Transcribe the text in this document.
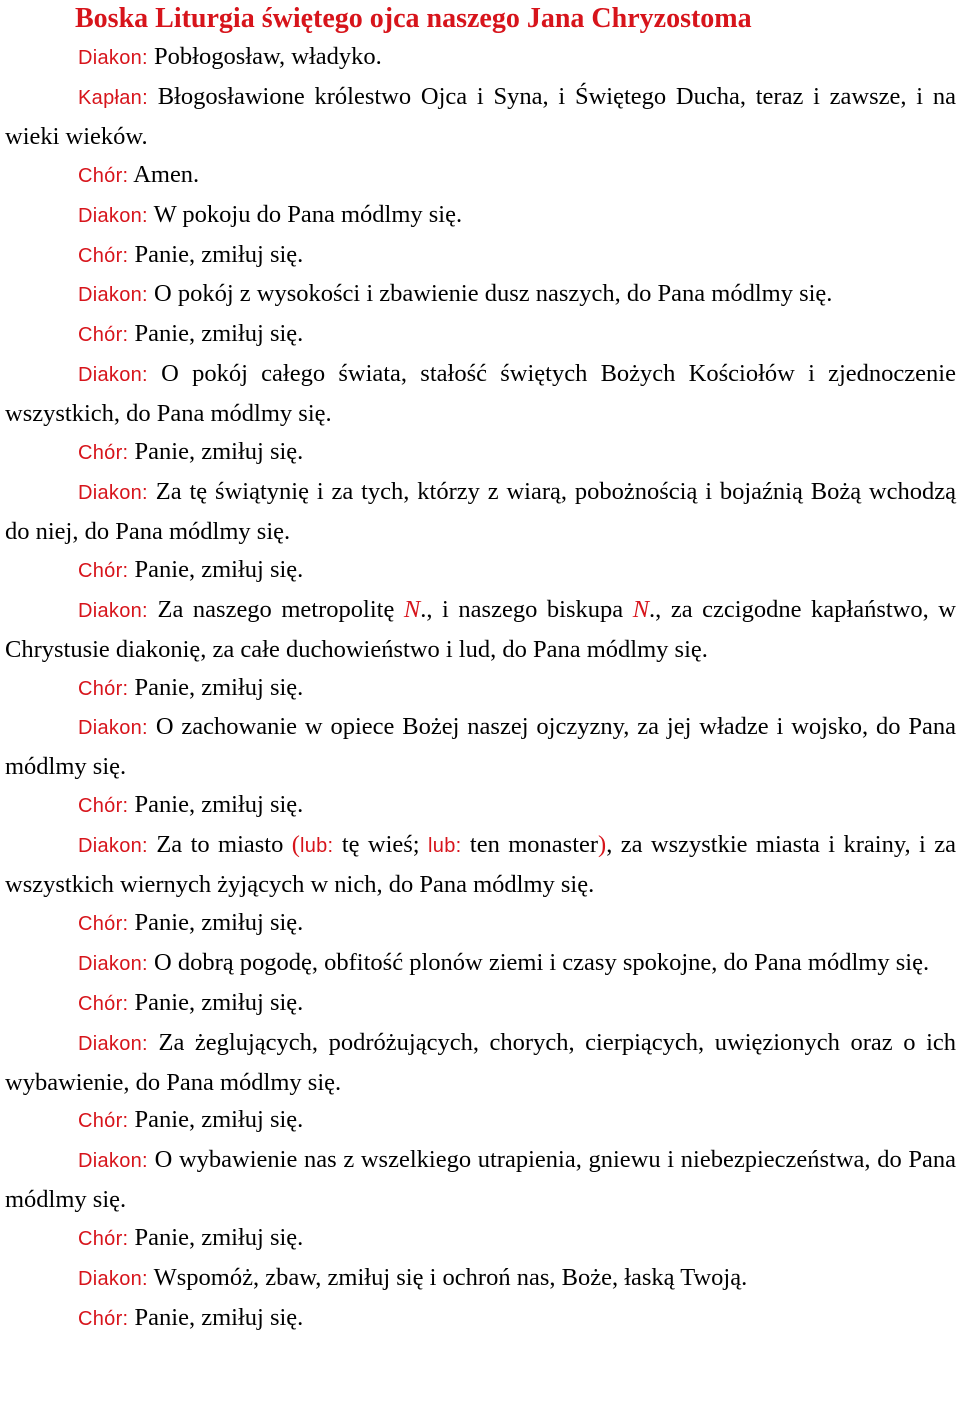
Boska Liturgia świętego ojca naszego Jana Chryzostoma

Diakon: Pobłogosław, władyko.

Kapłan: Błogosławione królestwo Ojca i Syna, i Świętego Ducha, teraz i zawsze, i na wieki wieków.

Chór: Amen.

Diakon: W pokoju do Pana módlmy się.

Chór: Panie, zmiłuj się.

Diakon: O pokój z wysokości i zbawienie dusz naszych, do Pana módlmy się.

Chór: Panie, zmiłuj się.

Diakon: O pokój całego świata, stałość świętych Bożych Kościołów i zjednoczenie wszystkich, do Pana módlmy się.

Chór: Panie, zmiłuj się.

Diakon: Za tę świątynię i za tych, którzy z wiarą, pobożnością i bojaźnią Bożą wchodzą do niej, do Pana módlmy się.

Chór: Panie, zmiłuj się.

Diakon: Za naszego metropolitę N., i naszego biskupa N., za czcigodne kapłaństwo, w Chrystusie diakonię, za całe duchowieństwo i lud, do Pana módlmy się.

Chór: Panie, zmiłuj się.

Diakon: O zachowanie w opiece Bożej naszej ojczyzny, za jej władze i wojsko, do Pana módlmy się.

Chór: Panie, zmiłuj się.

Diakon: Za to miasto (lub: tę wieś; lub: ten monaster), za wszystkie miasta i krainy, i za wszystkich wiernych żyjących w nich, do Pana módlmy się.

Chór: Panie, zmiłuj się.

Diakon: O dobrą pogodę, obfitość plonów ziemi i czasy spokojne, do Pana módlmy się.

Chór: Panie, zmiłuj się.

Diakon: Za żeglujących, podróżujących, chorych, cierpiących, uwięzionych oraz o ich wybawienie, do Pana módlmy się.

Chór: Panie, zmiłuj się.

Diakon: O wybawienie nas z wszelkiego utrapienia, gniewu i niebezpieczeństwa, do Pana módlmy się.

Chór: Panie, zmiłuj się.

Diakon: Wspomóż, zbaw, zmiłuj się i ochroń nas, Boże, łaską Twoją.

Chór: Panie, zmiłuj się.
